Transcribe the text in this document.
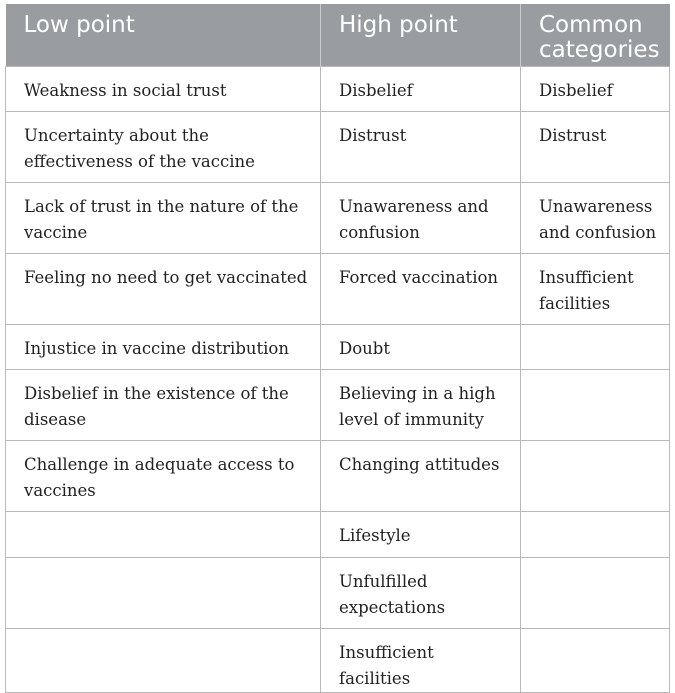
Low point	High point	Common categories
Weakness in social trust	Disbelief	Disbelief
Uncertainty about the effectiveness of the vaccine	Distrust	Distrust
Lack of trust in the nature of the vaccine	Unawareness and confusion	Unawareness and confusion
Feeling no need to get vaccinated	Forced vaccination	Insufficient facilities
Injustice in vaccine distribution	Doubt	
Disbelief in the existence of the disease	Believing in a high level of immunity	
Challenge in adequate access to vaccines	Changing attitudes	
	Lifestyle	
	Unfulfilled expectations	
	Insufficient facilities	
